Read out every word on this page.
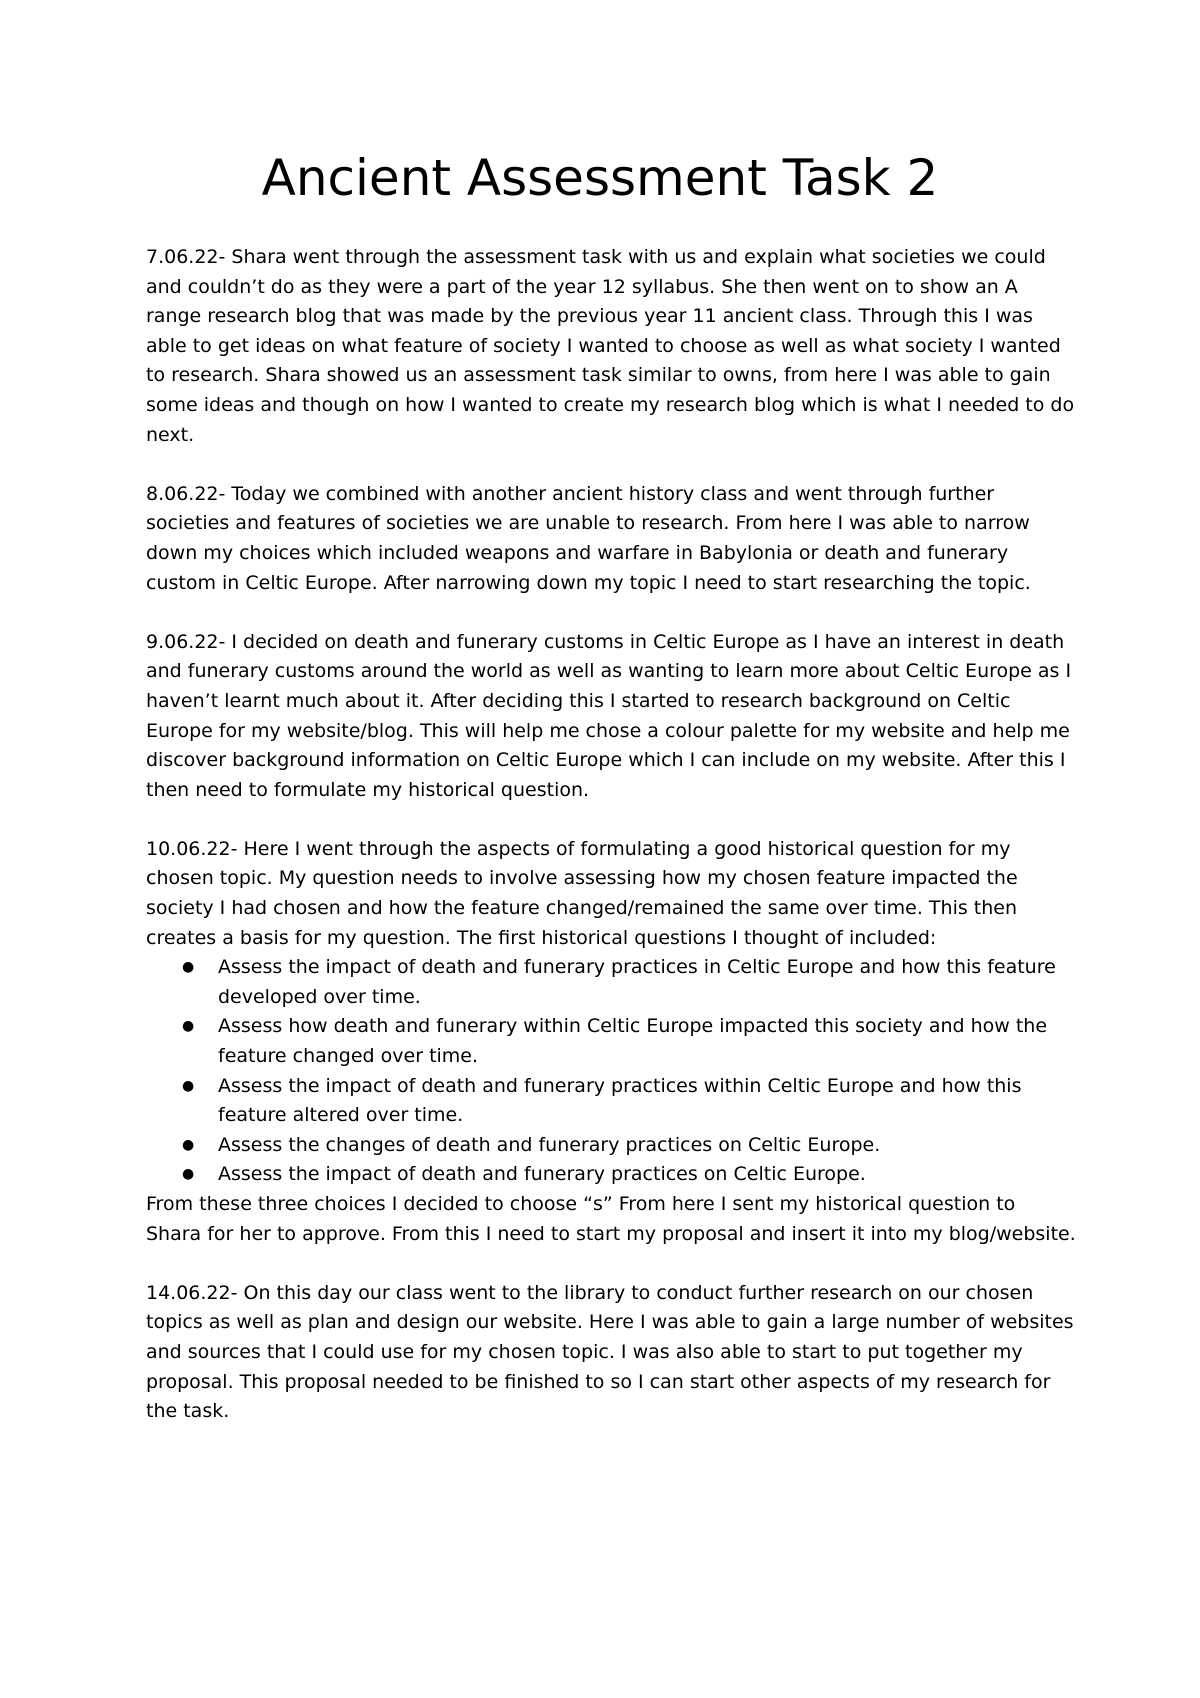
Ancient Assessment Task 2

7.06.22- Shara went through the assessment task with us and explain what societies we could and couldn’t do as they were a part of the year 12 syllabus. She then went on to show an A range research blog that was made by the previous year 11 ancient class. Through this I was able to get ideas on what feature of society I wanted to choose as well as what society I wanted to research. Shara showed us an assessment task similar to owns, from here I was able to gain some ideas and though on how I wanted to create my research blog which is what I needed to do next.

8.06.22- Today we combined with another ancient history class and went through further societies and features of societies we are unable to research. From here I was able to narrow down my choices which included weapons and warfare in Babylonia or death and funerary custom in Celtic Europe. After narrowing down my topic I need to start researching the topic.

9.06.22- I decided on death and funerary customs in Celtic Europe as I have an interest in death and funerary customs around the world as well as wanting to learn more about Celtic Europe as I haven’t learnt much about it. After deciding this I started to research background on Celtic Europe for my website/blog. This will help me chose a colour palette for my website and help me discover background information on Celtic Europe which I can include on my website. After this I then need to formulate my historical question.

10.06.22- Here I went through the aspects of formulating a good historical question for my chosen topic. My question needs to involve assessing how my chosen feature impacted the society I had chosen and how the feature changed/remained the same over time. This then creates a basis for my question. The first historical questions I thought of included:

● Assess the impact of death and funerary practices in Celtic Europe and how this feature developed over time.
● Assess how death and funerary within Celtic Europe impacted this society and how the feature changed over time.
● Assess the impact of death and funerary practices within Celtic Europe and how this feature altered over time.
● Assess the changes of death and funerary practices on Celtic Europe.
● Assess the impact of death and funerary practices on Celtic Europe.

From these three choices I decided to choose “s” From here I sent my historical question to Shara for her to approve. From this I need to start my proposal and insert it into my blog/website.

14.06.22- On this day our class went to the library to conduct further research on our chosen topics as well as plan and design our website. Here I was able to gain a large number of websites and sources that I could use for my chosen topic. I was also able to start to put together my proposal. This proposal needed to be finished to so I can start other aspects of my research for the task.
